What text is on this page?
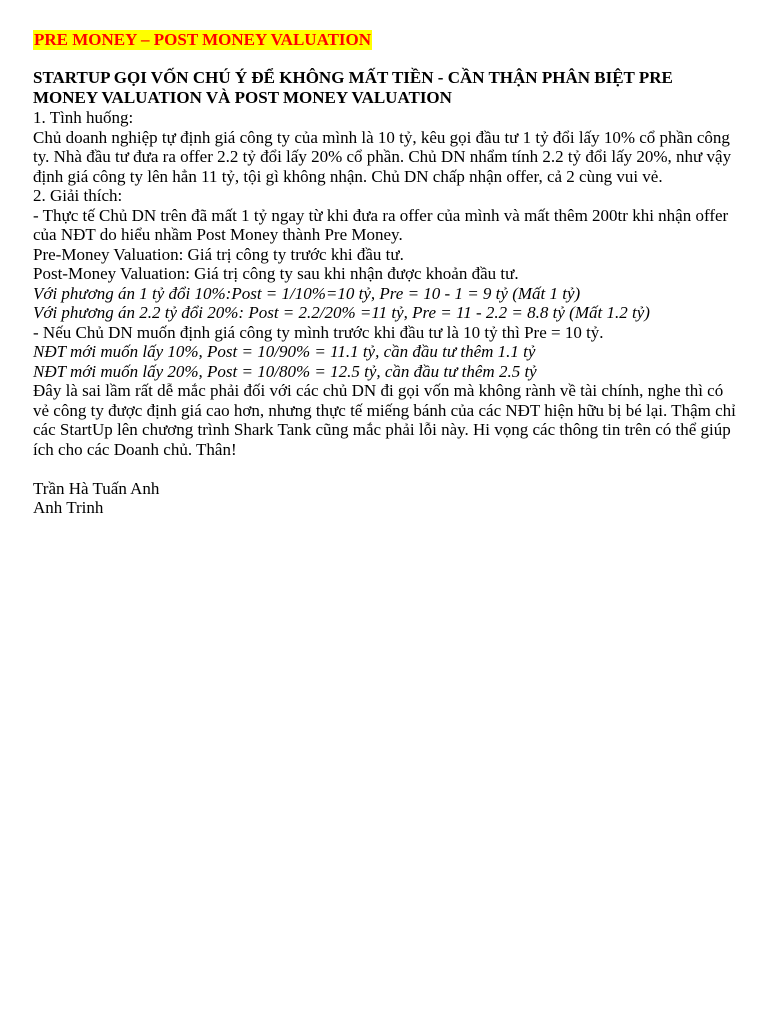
PRE MONEY – POST MONEY VALUATION
STARTUP GỌI VỐN CHÚ Ý ĐỂ KHÔNG MẤT TIỀN - CẦN THẬN PHÂN BIỆT PRE MONEY VALUATION VÀ POST MONEY VALUATION

1. Tình huống:

Chủ doanh nghiệp tự định giá công ty của mình là 10 tỷ, kêu gọi đầu tư 1 tỷ đổi lấy 10% cổ phần công ty. Nhà đầu tư đưa ra offer 2.2 tỷ đổi lấy 20% cổ phần. Chủ DN nhẩm tính 2.2 tỷ đổi lấy 20%, như vậy định giá công ty lên hẳn 11 tỷ, tội gì không nhận. Chủ DN chấp nhận offer, cả 2 cùng vui vẻ.

2. Giải thích:

- Thực tế Chủ DN trên đã mất 1 tỷ ngay từ khi đưa ra offer của mình và mất thêm 200tr khi nhận offer của NĐT do hiểu nhầm Post Money thành Pre Money.

Pre-Money Valuation: Giá trị công ty trước khi đầu tư.

Post-Money Valuation: Giá trị công ty sau khi nhận được khoản đầu tư.

Với phương án 1 tỷ đổi 10%:Post = 1/10%=10 tỷ, Pre = 10 - 1 = 9 tỷ (Mất 1 tỷ)

Với phương án 2.2 tỷ đổi 20%: Post = 2.2/20% =11 tỷ, Pre = 11 - 2.2 = 8.8 tỷ (Mất 1.2 tỷ)

- Nếu Chủ DN muốn định giá công ty mình trước khi đầu tư là 10 tỷ thì Pre = 10 tỷ.

NĐT mới muốn lấy 10%, Post = 10/90% = 11.1 tỷ, cần đầu tư thêm 1.1 tỷ

NĐT mới muốn lấy 20%, Post = 10/80% = 12.5 tỷ, cần đầu tư thêm 2.5 tỷ

Đây là sai lầm rất dễ mắc phải đối với các chủ DN đi gọi vốn mà không rành về tài chính, nghe thì có vẻ công ty được định giá cao hơn, nhưng thực tế miếng bánh của các NĐT hiện hữu bị bé lại. Thậm chỉ các StartUp lên chương trình Shark Tank cũng mắc phải lỗi này. Hi vọng các thông tin trên có thể giúp ích cho các Doanh chủ. Thân!

Trần Hà Tuấn Anh

Anh Trinh
